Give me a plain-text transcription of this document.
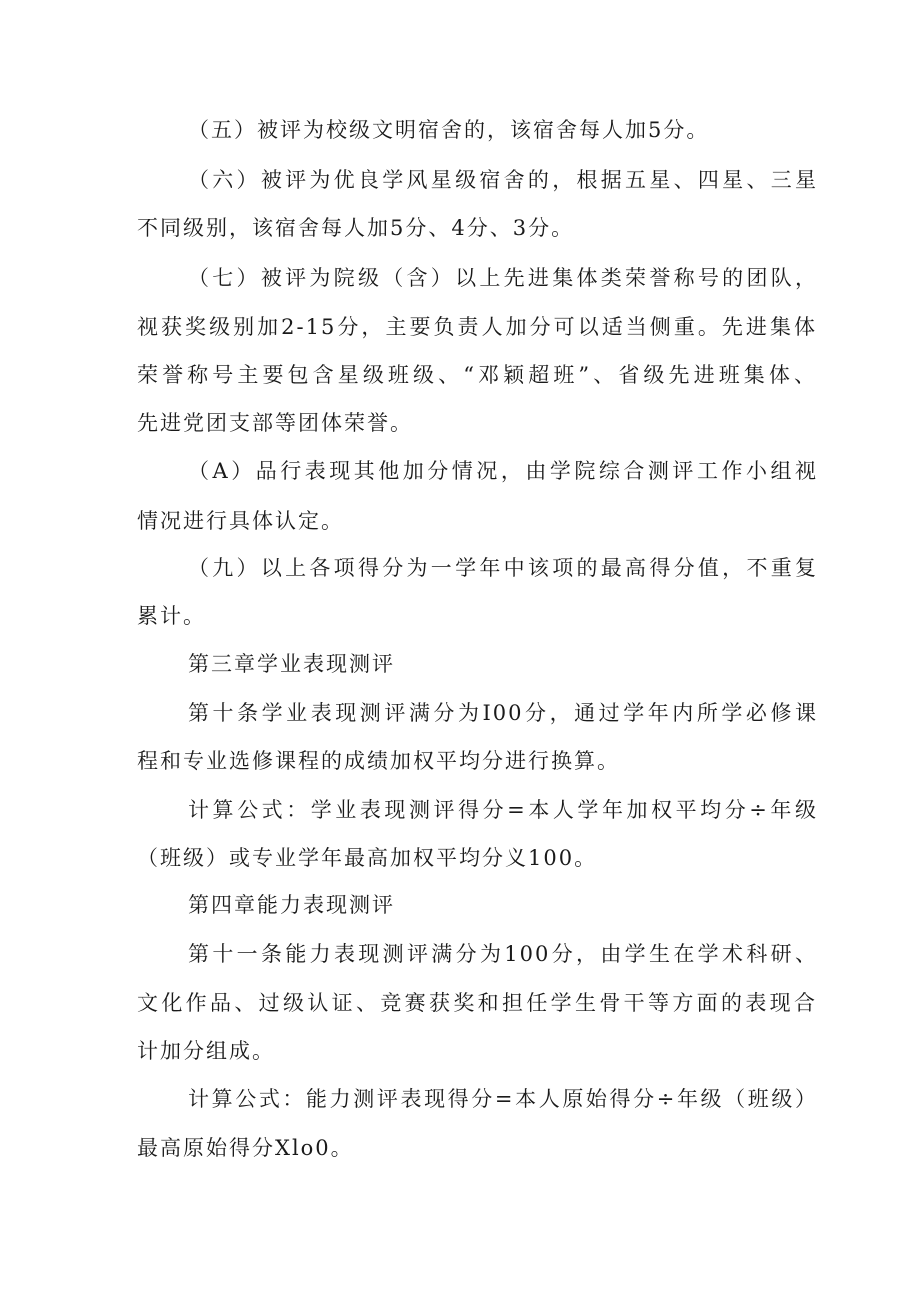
（五）被评为校级文明宿舍的，该宿舍每人加5分。
（六）被评为优良学风星级宿舍的，根据五星、四星、三星
不同级别，该宿舍每人加5分、4分、3分。
（七）被评为院级（含）以上先进集体类荣誉称号的团队，
视获奖级别加2-15分，主要负责人加分可以适当侧重。先进集体
荣誉称号主要包含星级班级、“邓颖超班”、省级先进班集体、
先进党团支部等团体荣誉。
（A）品行表现其他加分情况，由学院综合测评工作小组视
情况进行具体认定。
（九）以上各项得分为一学年中该项的最高得分值，不重复
累计。
第三章学业表现测评
第十条学业表现测评满分为I00分，通过学年内所学必修课
程和专业选修课程的成绩加权平均分进行换算。
计算公式：学业表现测评得分=本人学年加权平均分÷年级
（班级）或专业学年最高加权平均分义100。
第四章能力表现测评
第十一条能力表现测评满分为100分，由学生在学术科研、
文化作品、过级认证、竞赛获奖和担任学生骨干等方面的表现合
计加分组成。
计算公式：能力测评表现得分=本人原始得分÷年级（班级）
最高原始得分Xlo0。
